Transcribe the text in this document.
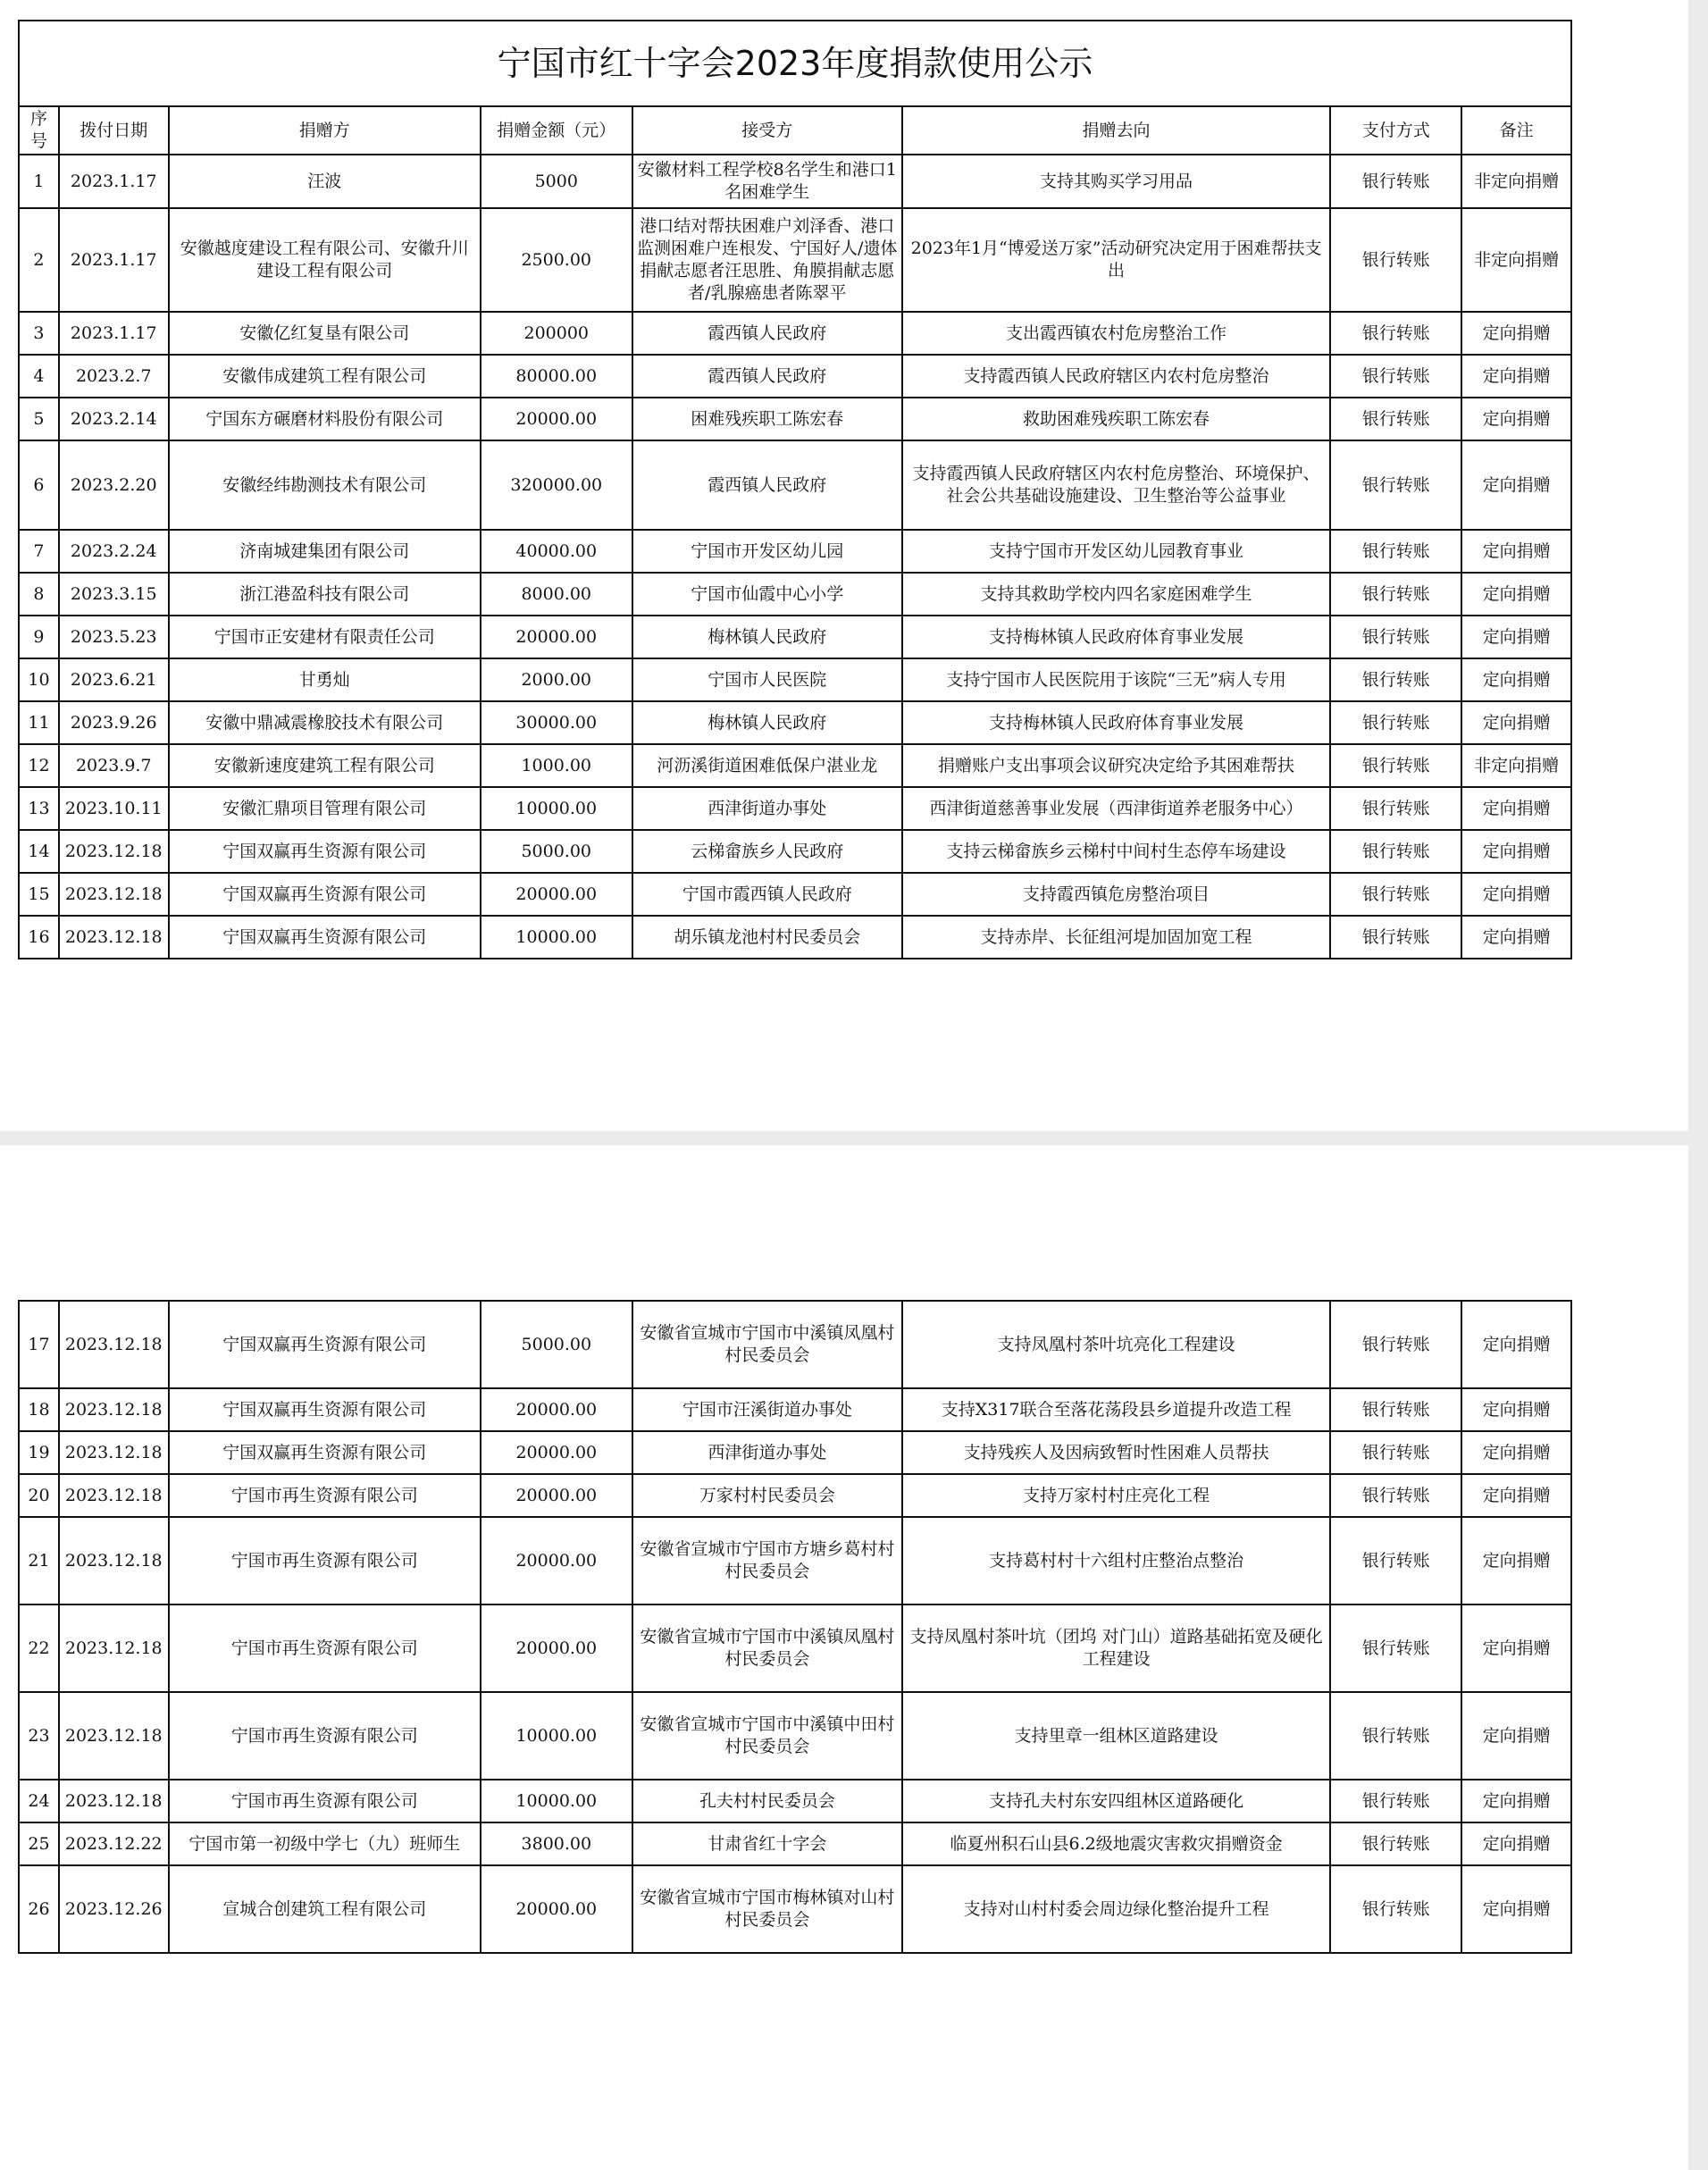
宁国市红十字会2023年度捐款使用公示							
序号	拨付日期	捐赠方	捐赠金额（元）	接受方	捐赠去向	支付方式	备注
1	2023.1.17	汪波	5000	安徽材料工程学校8名学生和港口1名困难学生	支持其购买学习用品	银行转账	非定向捐赠
2	2023.1.17	安徽越度建设工程有限公司、安徽升川建设工程有限公司	2500.00	港口结对帮扶困难户刘泽香、港口监测困难户连根发、宁国好人/遗体捐献志愿者汪思胜、角膜捐献志愿者/乳腺癌患者陈翠平	2023年1月“博爱送万家”活动研究决定用于困难帮扶支出	银行转账	非定向捐赠
3	2023.1.17	安徽亿红复垦有限公司	200000	霞西镇人民政府	支出霞西镇农村危房整治工作	银行转账	定向捐赠
4	2023.2.7	安徽伟成建筑工程有限公司	80000.00	霞西镇人民政府	支持霞西镇人民政府辖区内农村危房整治	银行转账	定向捐赠
5	2023.2.14	宁国东方碾磨材料股份有限公司	20000.00	困难残疾职工陈宏春	救助困难残疾职工陈宏春	银行转账	定向捐赠
6	2023.2.20	安徽经纬勘测技术有限公司	320000.00	霞西镇人民政府	支持霞西镇人民政府辖区内农村危房整治、环境保护、社会公共基础设施建设、卫生整治等公益事业	银行转账	定向捐赠
7	2023.2.24	济南城建集团有限公司	40000.00	宁国市开发区幼儿园	支持宁国市开发区幼儿园教育事业	银行转账	定向捐赠
8	2023.3.15	浙江港盈科技有限公司	8000.00	宁国市仙霞中心小学	支持其救助学校内四名家庭困难学生	银行转账	定向捐赠
9	2023.5.23	宁国市正安建材有限责任公司	20000.00	梅林镇人民政府	支持梅林镇人民政府体育事业发展	银行转账	定向捐赠
10	2023.6.21	甘勇灿	2000.00	宁国市人民医院	支持宁国市人民医院用于该院“三无”病人专用	银行转账	定向捐赠
11	2023.9.26	安徽中鼎减震橡胶技术有限公司	30000.00	梅林镇人民政府	支持梅林镇人民政府体育事业发展	银行转账	定向捐赠
12	2023.9.7	安徽新速度建筑工程有限公司	1000.00	河沥溪街道困难低保户湛业龙	捐赠账户支出事项会议研究决定给予其困难帮扶	银行转账	非定向捐赠
13	2023.10.11	安徽汇鼎项目管理有限公司	10000.00	西津街道办事处	西津街道慈善事业发展（西津街道养老服务中心）	银行转账	定向捐赠
14	2023.12.18	宁国双赢再生资源有限公司	5000.00	云梯畲族乡人民政府	支持云梯畲族乡云梯村中间村生态停车场建设	银行转账	定向捐赠
15	2023.12.18	宁国双赢再生资源有限公司	20000.00	宁国市霞西镇人民政府	支持霞西镇危房整治项目	银行转账	定向捐赠
16	2023.12.18	宁国双赢再生资源有限公司	10000.00	胡乐镇龙池村村民委员会	支持赤岸、长征组河堤加固加宽工程	银行转账	定向捐赠
17	2023.12.18	宁国双赢再生资源有限公司	5000.00	安徽省宣城市宁国市中溪镇凤凰村村民委员会	支持凤凰村茶叶坑亮化工程建设	银行转账	定向捐赠
18	2023.12.18	宁国双赢再生资源有限公司	20000.00	宁国市汪溪街道办事处	支持X317联合至落花荡段县乡道提升改造工程	银行转账	定向捐赠
19	2023.12.18	宁国双赢再生资源有限公司	20000.00	西津街道办事处	支持残疾人及因病致暂时性困难人员帮扶	银行转账	定向捐赠
20	2023.12.18	宁国市再生资源有限公司	20000.00	万家村村民委员会	支持万家村村庄亮化工程	银行转账	定向捐赠
21	2023.12.18	宁国市再生资源有限公司	20000.00	安徽省宣城市宁国市方塘乡葛村村村民委员会	支持葛村村十六组村庄整治点整治	银行转账	定向捐赠
22	2023.12.18	宁国市再生资源有限公司	20000.00	安徽省宣城市宁国市中溪镇凤凰村村民委员会	支持凤凰村茶叶坑（团坞 对门山）道路基础拓宽及硬化工程建设	银行转账	定向捐赠
23	2023.12.18	宁国市再生资源有限公司	10000.00	安徽省宣城市宁国市中溪镇中田村村民委员会	支持里章一组林区道路建设	银行转账	定向捐赠
24	2023.12.18	宁国市再生资源有限公司	10000.00	孔夫村村民委员会	支持孔夫村东安四组林区道路硬化	银行转账	定向捐赠
25	2023.12.22	宁国市第一初级中学七（九）班师生	3800.00	甘肃省红十字会	临夏州积石山县6.2级地震灾害救灾捐赠资金	银行转账	定向捐赠
26	2023.12.26	宣城合创建筑工程有限公司	20000.00	安徽省宣城市宁国市梅林镇对山村村民委员会	支持对山村村委会周边绿化整治提升工程	银行转账	定向捐赠
